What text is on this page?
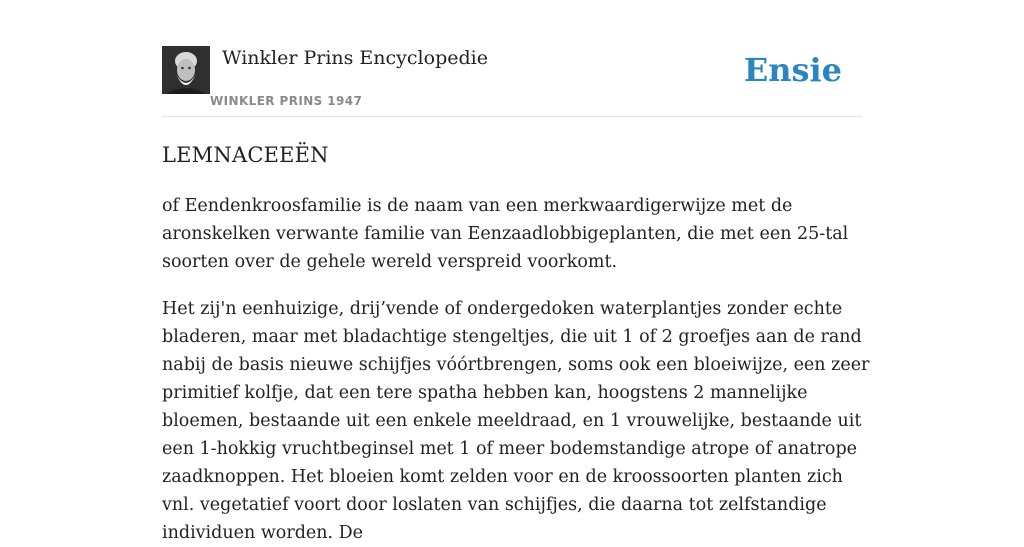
Winkler Prins Encyclopedie
WINKLER PRINS 1947
Ensie
LEMNACEEËN

of Eendenkroosfamilie is de naam van een merkwaardigerwijze met de aronskelken verwante familie van Eenzaadlobbigeplanten, die met een 25-tal soorten over de gehele wereld verspreid voorkomt.

Het zij'n eenhuizige, drij’vende of ondergedoken waterplantjes zonder echte bladeren, maar met bladachtige stengeltjes, die uit 1 of 2 groefjes aan de rand nabij de basis nieuwe schijfjes vóórtbrengen, soms ook een bloeiwijze, een zeer primitief kolfje, dat een tere spatha hebben kan, hoogstens 2 mannelijke bloemen, bestaande uit een enkele meeldraad, en 1 vrouwelijke, bestaande uit een 1-hokkig vruchtbeginsel met 1 of meer bodemstandige atrope of anatrope zaadknoppen. Het bloeien komt zelden voor en de kroossoorten planten zich vnl. vegetatief voort door loslaten van schijfjes, die daarna tot zelfstandige individuen worden. De
